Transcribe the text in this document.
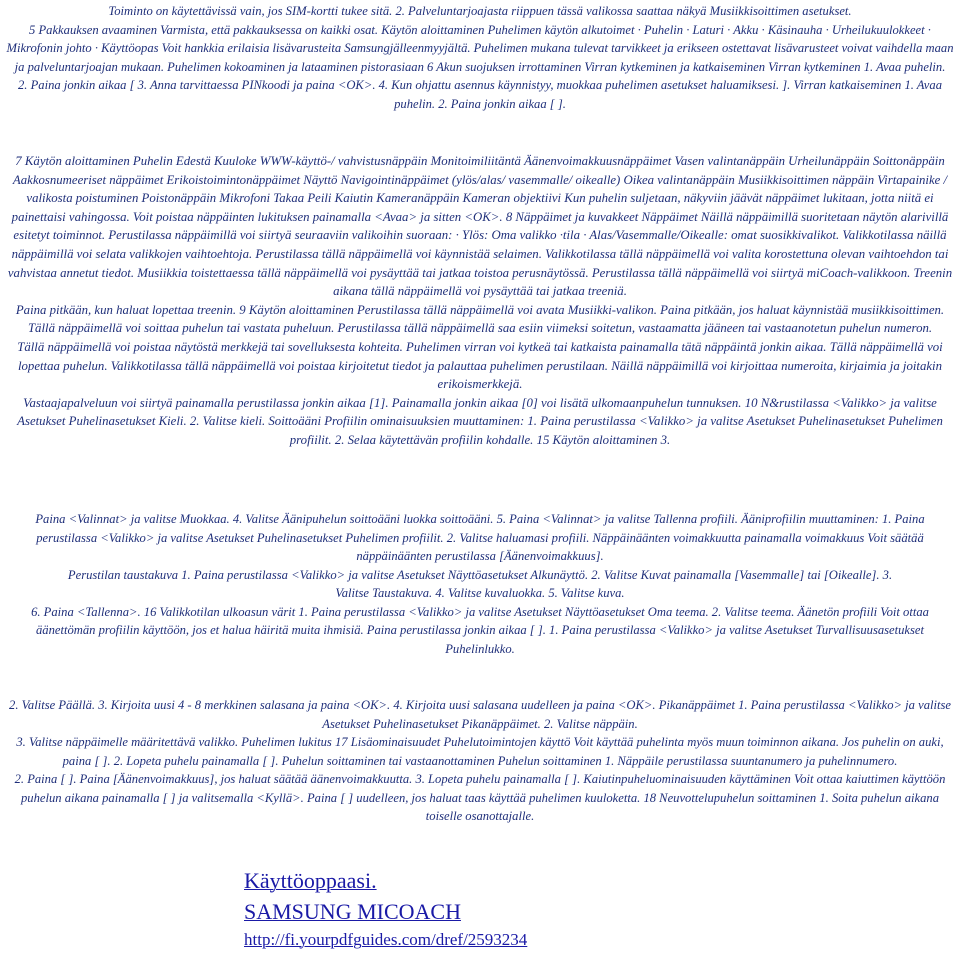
Toiminto on käytettävissä vain, jos SIM-kortti tukee sitä. 2. Palveluntarjoajasta riippuen tässä valikossa saattaa näkyä Musiikkisoittimen asetukset.

5 Pakkauksen avaaminen Varmista, että pakkauksessa on kaikki osat. Käytön aloittaminen Puhelimen käytön alkutoimet · Puhelin · Laturi · Akku · Käsinauha · Urheilukuulokkeet · Mikrofonin johto · Käyttöopas Voit hankkia erilaisia lisävarusteita Samsungjälleenmyyjältä. Puhelimen mukana tulevat tarvikkeet ja erikseen ostettavat lisävarusteet voivat vaihdella maan ja palveluntarjoajan mukaan. Puhelimen kokoaminen ja lataaminen pistorasiaan 6 Akun suojuksen irrottaminen Virran kytkeminen ja katkaiseminen Virran kytkeminen 1. Avaa puhelin.

2. Paina jonkin aikaa [ 3. Anna tarvittaessa PINkoodi ja paina <OK>. 4. Kun ohjattu asennus käynnistyy, muokkaa puhelimen asetukset haluamiksesi. ]. Virran katkaiseminen 1. Avaa puhelin. 2. Paina jonkin aikaa [ ].

7 Käytön aloittaminen Puhelin Edestä Kuuloke WWW-käyttö-/ vahvistusnäppäin Monitoimiliitäntä Äänenvoimakkuusnäppäimet Vasen valintanäppäin Urheilunäppäin Soittonäppäin Aakkosnumeeriset näppäimet Erikoistoimintonäppäimet Näyttö Navigointinäppäimet (ylös/alas/ vasemmalle/ oikealle) Oikea valintanäppäin Musiikkisoittimen näppäin Virtapainike / valikosta poistuminen Poistonäppäin Mikrofoni Takaa Peili Kaiutin Kameranäppäin Kameran objektiivi Kun puhelin suljetaan, näkyviin jäävät näppäimet lukitaan, jotta niitä ei painettaisi vahingossa. Voit poistaa näppäinten lukituksen painamalla <Avaa> ja sitten <OK>. 8 Näppäimet ja kuvakkeet Näppäimet Näillä näppäimillä suoritetaan näytön alarivillä esitetyt toiminnot. Perustilassa näppäimillä voi siirtyä seuraaviin valikoihin suoraan: · Ylös: Oma valikko ·tila · Alas/Vasemmalle/Oikealle: omat suosikkivalikot. Valikkotilassa näillä näppäimillä voi selata valikkojen vaihtoehtoja. Perustilassa tällä näppäimellä voi käynnistää selaimen. Valikkotilassa tällä näppäimellä voi valita korostettuna olevan vaihtoehdon tai vahvistaa annetut tiedot. Musiikkia toistettaessa tällä näppäimellä voi pysäyttää tai jatkaa toistoa perusnäytössä. Perustilassa tällä näppäimellä voi siirtyä miCoach-valikkoon. Treenin aikana tällä näppäimellä voi pysäyttää tai jatkaa treeniä.

Paina pitkään, kun haluat lopettaa treenin. 9 Käytön aloittaminen Perustilassa tällä näppäimellä voi avata Musiikki-valikon. Paina pitkään, jos haluat käynnistää musiikkisoittimen. Tällä näppäimellä voi soittaa puhelun tai vastata puheluun. Perustilassa tällä näppäimellä saa esiin viimeksi soitetun, vastaamatta jääneen tai vastaanotetun puhelun numeron.

Tällä näppäimellä voi poistaa näytöstä merkkejä tai sovelluksesta kohteita. Puhelimen virran voi kytkeä tai katkaista painamalla tätä näppäintä jonkin aikaa. Tällä näppäimellä voi lopettaa puhelun. Valikkotilassa tällä näppäimellä voi poistaa kirjoitetut tiedot ja palauttaa puhelimen perustilaan. Näillä näppäimillä voi kirjoittaa numeroita, kirjaimia ja joitakin erikoismerkkejä.

Vastaajapalveluun voi siirtyä painamalla perustilassa jonkin aikaa [1]. Painamalla jonkin aikaa [0] voi lisätä ulkomaanpuhelun tunnuksen. 10 N&rustilassa <Valikko> ja valitse Asetukset Puhelinasetukset Kieli. 2. Valitse kieli. Soittoääni Profiilin ominaisuuksien muuttaminen: 1. Paina perustilassa <Valikko> ja valitse Asetukset Puhelinasetukset Puhelimen profiilit. 2. Selaa käytettävän profiilin kohdalle. 15 Käytön aloittaminen 3.

Paina <Valinnat> ja valitse Muokkaa. 4. Valitse Äänipuhelun soittoääni luokka soittoääni. 5. Paina <Valinnat> ja valitse Tallenna profiili. Ääniprofiilin muuttaminen: 1. Paina perustilassa <Valikko> ja valitse Asetukset Puhelinasetukset Puhelimen profiilit. 2. Valitse haluamasi profiili. Näppäinäänten voimakkuutta painamalla voimakkuus Voit säätää näppäinäänten perustilassa [Äänenvoimakkuus].

Perustilan taustakuva 1. Paina perustilassa <Valikko> ja valitse Asetukset Näyttöasetukset Alkunäyttö. 2. Valitse Kuvat painamalla [Vasemmalle] tai [Oikealle]. 3.

Valitse Taustakuva. 4. Valitse kuvaluokka. 5. Valitse kuva.

6. Paina <Tallenna>. 16 Valikkotilan ulkoasun värit 1. Paina perustilassa <Valikko> ja valitse Asetukset Näyttöasetukset Oma teema. 2. Valitse teema. Äänetön profiili Voit ottaa äänettömän profiilin käyttöön, jos et halua häiritä muita ihmisiä. Paina perustilassa jonkin aikaa [ ]. 1. Paina perustilassa <Valikko> ja valitse Asetukset Turvallisuusasetukset Puhelinlukko.

2. Valitse Päällä. 3. Kirjoita uusi 4 - 8 merkkinen salasana ja paina <OK>. 4. Kirjoita uusi salasana uudelleen ja paina <OK>. Pikanäppäimet 1. Paina perustilassa <Valikko> ja valitse Asetukset Puhelinasetukset Pikanäppäimet. 2. Valitse näppäin.

3. Valitse näppäimelle määritettävä valikko. Puhelimen lukitus 17 Lisäominaisuudet Puhelutoimintojen käyttö Voit käyttää puhelinta myös muun toiminnon aikana. Jos puhelin on auki, paina [ ]. 2. Lopeta puhelu painamalla [ ]. Puhelun soittaminen tai vastaanottaminen Puhelun soittaminen 1. Näppäile perustilassa suuntanumero ja puhelinnumero.

2. Paina [ ]. Paina [Äänenvoimakkuus], jos haluat säätää äänenvoimakkuutta. 3. Lopeta puhelu painamalla [ ]. Kaiutinpuheluominaisuuden käyttäminen Voit ottaa kaiuttimen käyttöön puhelun aikana painamalla [ ] ja valitsemalla <Kyllä>. Paina [ ] uudelleen, jos haluat taas käyttää puhelimen kuuloketta. 18 Neuvottelupuhelun soittaminen 1. Soita puhelun aikana toiselle osanottajalle.

Käyttöoppaasi.
SAMSUNG MICOACH
http://fi.yourpdfguides.com/dref/2593234
